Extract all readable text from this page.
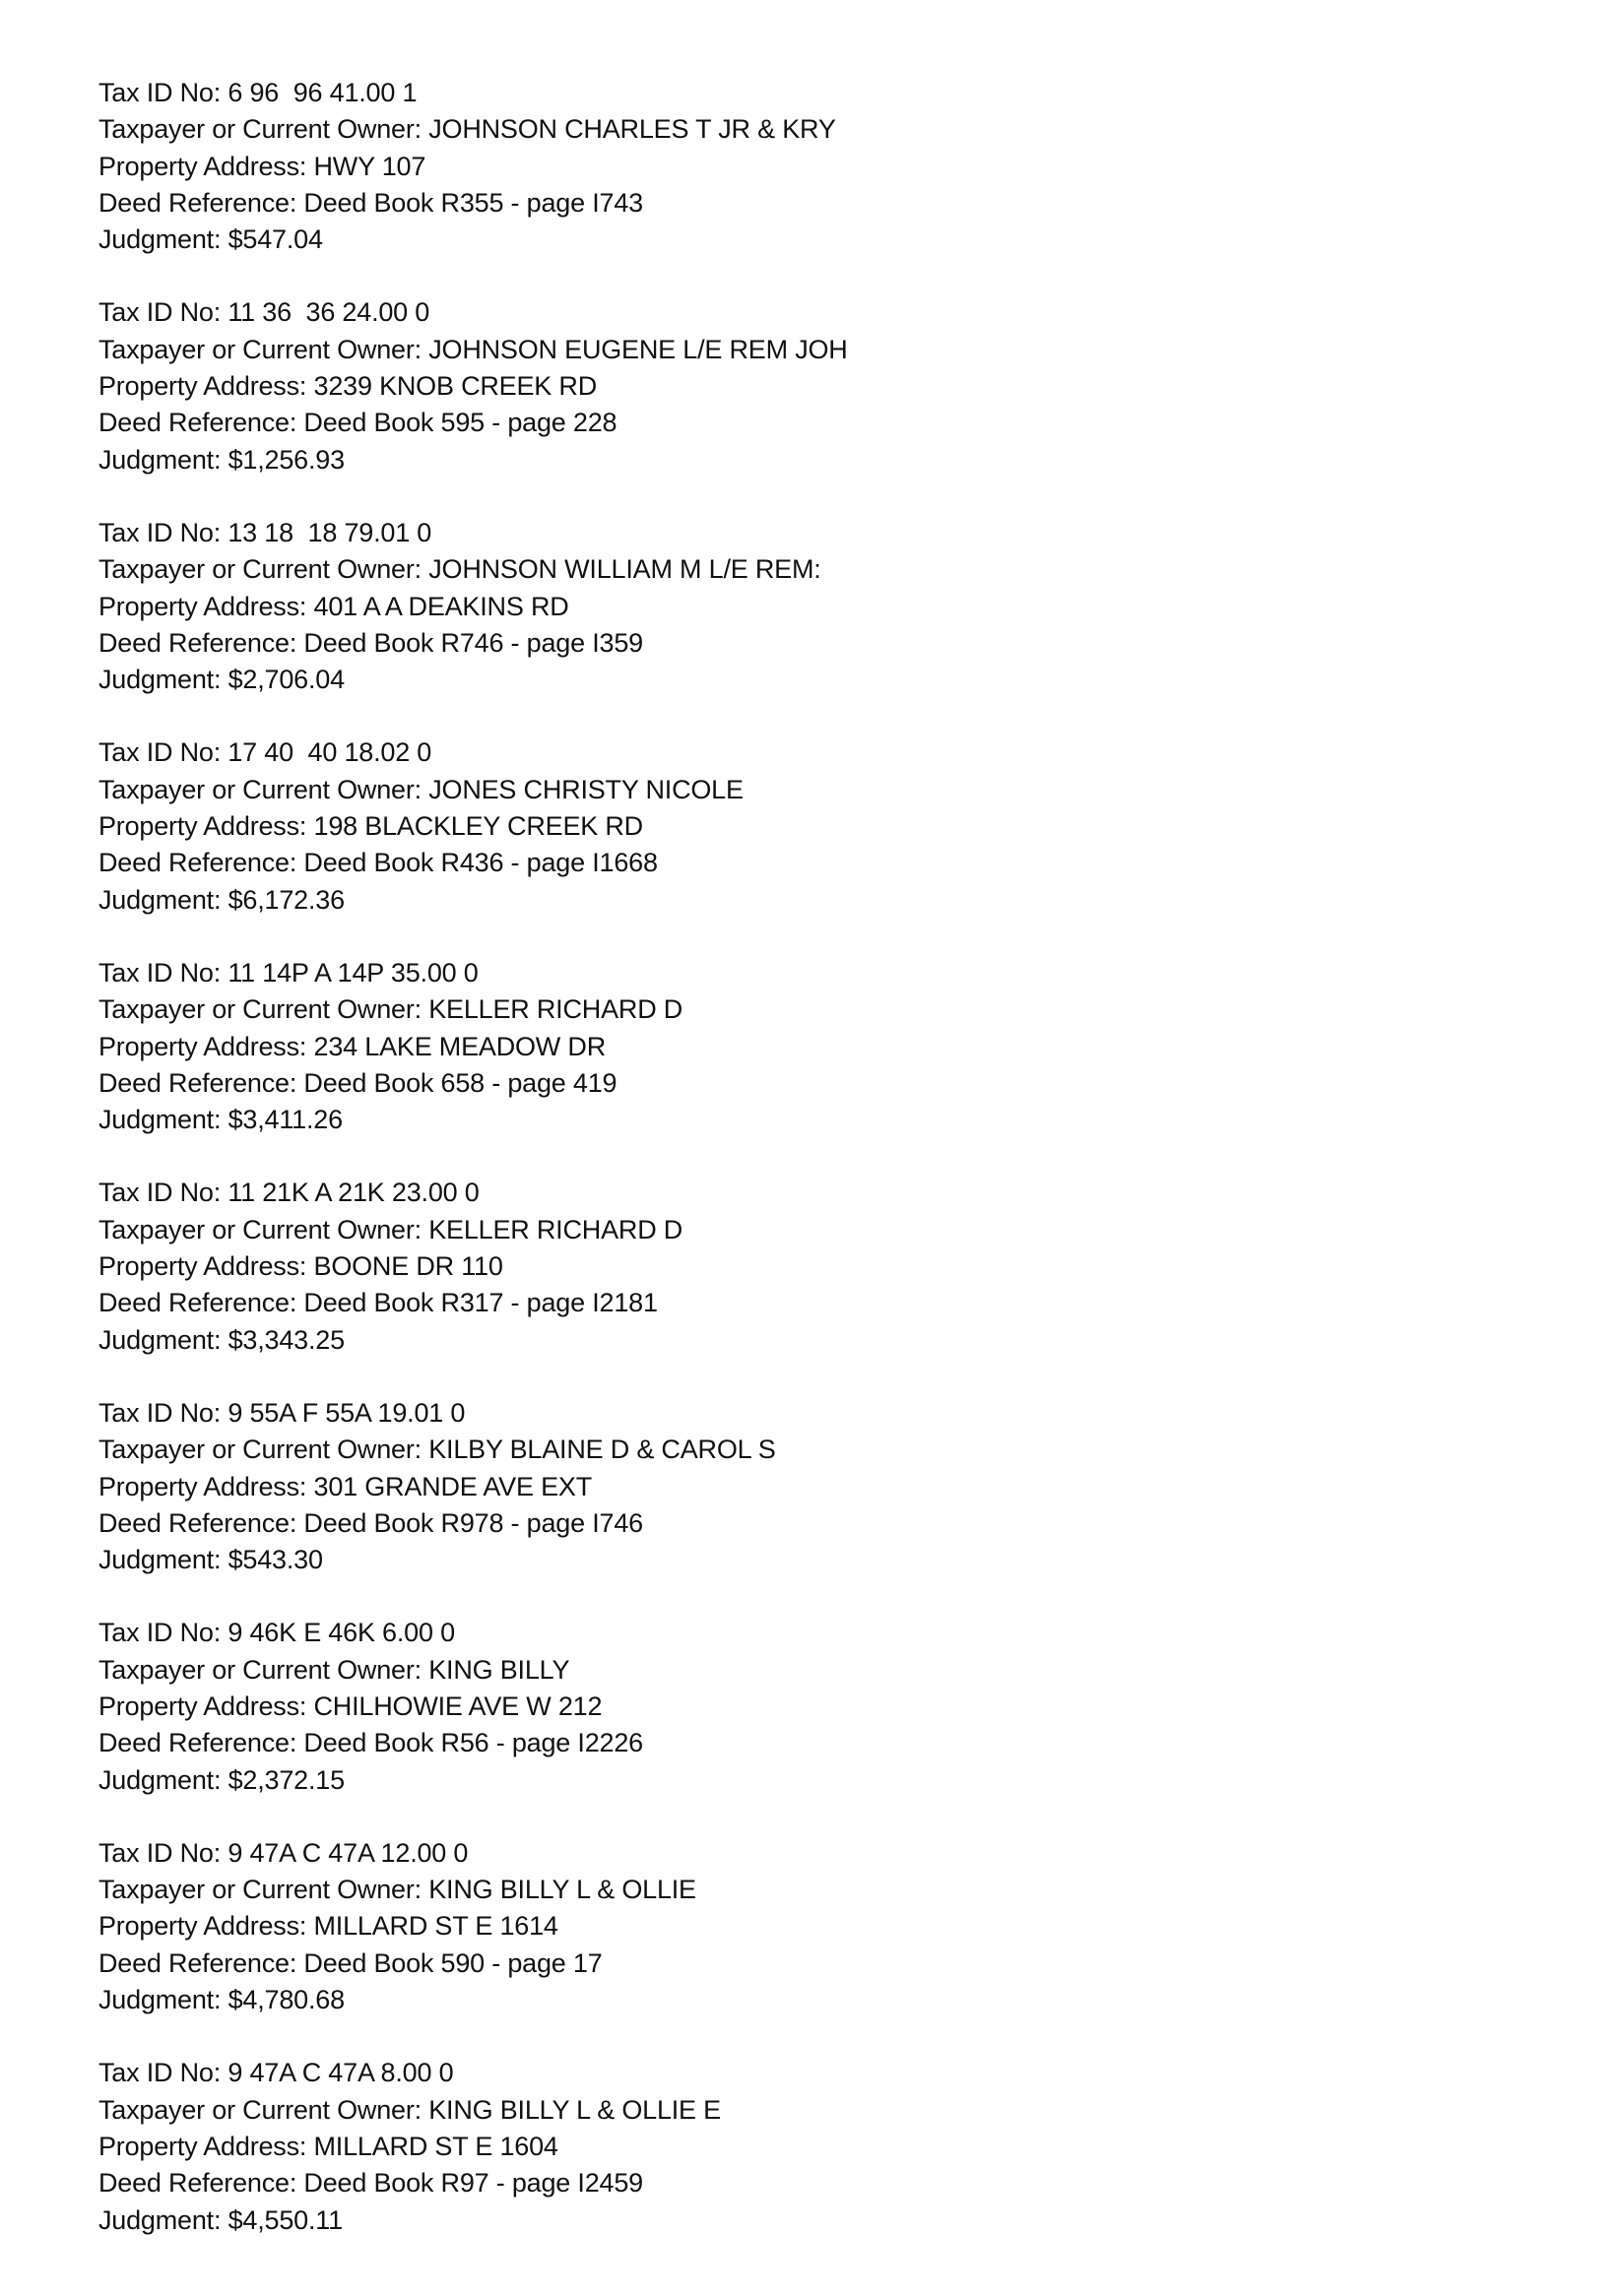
Tax ID No: 6 96  96 41.00 1
Taxpayer or Current Owner: JOHNSON CHARLES T JR & KRY
Property Address: HWY 107
Deed Reference: Deed Book R355 - page I743
Judgment: $547.04
Tax ID No: 11 36  36 24.00 0
Taxpayer or Current Owner: JOHNSON EUGENE L/E REM JOH
Property Address: 3239 KNOB CREEK RD
Deed Reference: Deed Book 595 - page 228
Judgment: $1,256.93
Tax ID No: 13 18  18 79.01 0
Taxpayer or Current Owner: JOHNSON WILLIAM M L/E REM:
Property Address: 401 A A DEAKINS RD
Deed Reference: Deed Book R746 - page I359
Judgment: $2,706.04
Tax ID No: 17 40  40 18.02 0
Taxpayer or Current Owner: JONES CHRISTY NICOLE
Property Address: 198 BLACKLEY CREEK RD
Deed Reference: Deed Book R436 - page I1668
Judgment: $6,172.36
Tax ID No: 11 14P A 14P 35.00 0
Taxpayer or Current Owner: KELLER RICHARD D
Property Address: 234 LAKE MEADOW DR
Deed Reference: Deed Book 658 - page 419
Judgment: $3,411.26
Tax ID No: 11 21K A 21K 23.00 0
Taxpayer or Current Owner: KELLER RICHARD D
Property Address: BOONE DR 110
Deed Reference: Deed Book R317 - page I2181
Judgment: $3,343.25
Tax ID No: 9 55A F 55A 19.01 0
Taxpayer or Current Owner: KILBY BLAINE D & CAROL S
Property Address: 301 GRANDE AVE EXT
Deed Reference: Deed Book R978 - page I746
Judgment: $543.30
Tax ID No: 9 46K E 46K 6.00 0
Taxpayer or Current Owner: KING BILLY
Property Address: CHILHOWIE AVE W 212
Deed Reference: Deed Book R56 - page I2226
Judgment: $2,372.15
Tax ID No: 9 47A C 47A 12.00 0
Taxpayer or Current Owner: KING BILLY L & OLLIE
Property Address: MILLARD ST E 1614
Deed Reference: Deed Book 590 - page 17
Judgment: $4,780.68
Tax ID No: 9 47A C 47A 8.00 0
Taxpayer or Current Owner: KING BILLY L & OLLIE E
Property Address: MILLARD ST E 1604
Deed Reference: Deed Book R97 - page I2459
Judgment: $4,550.11
